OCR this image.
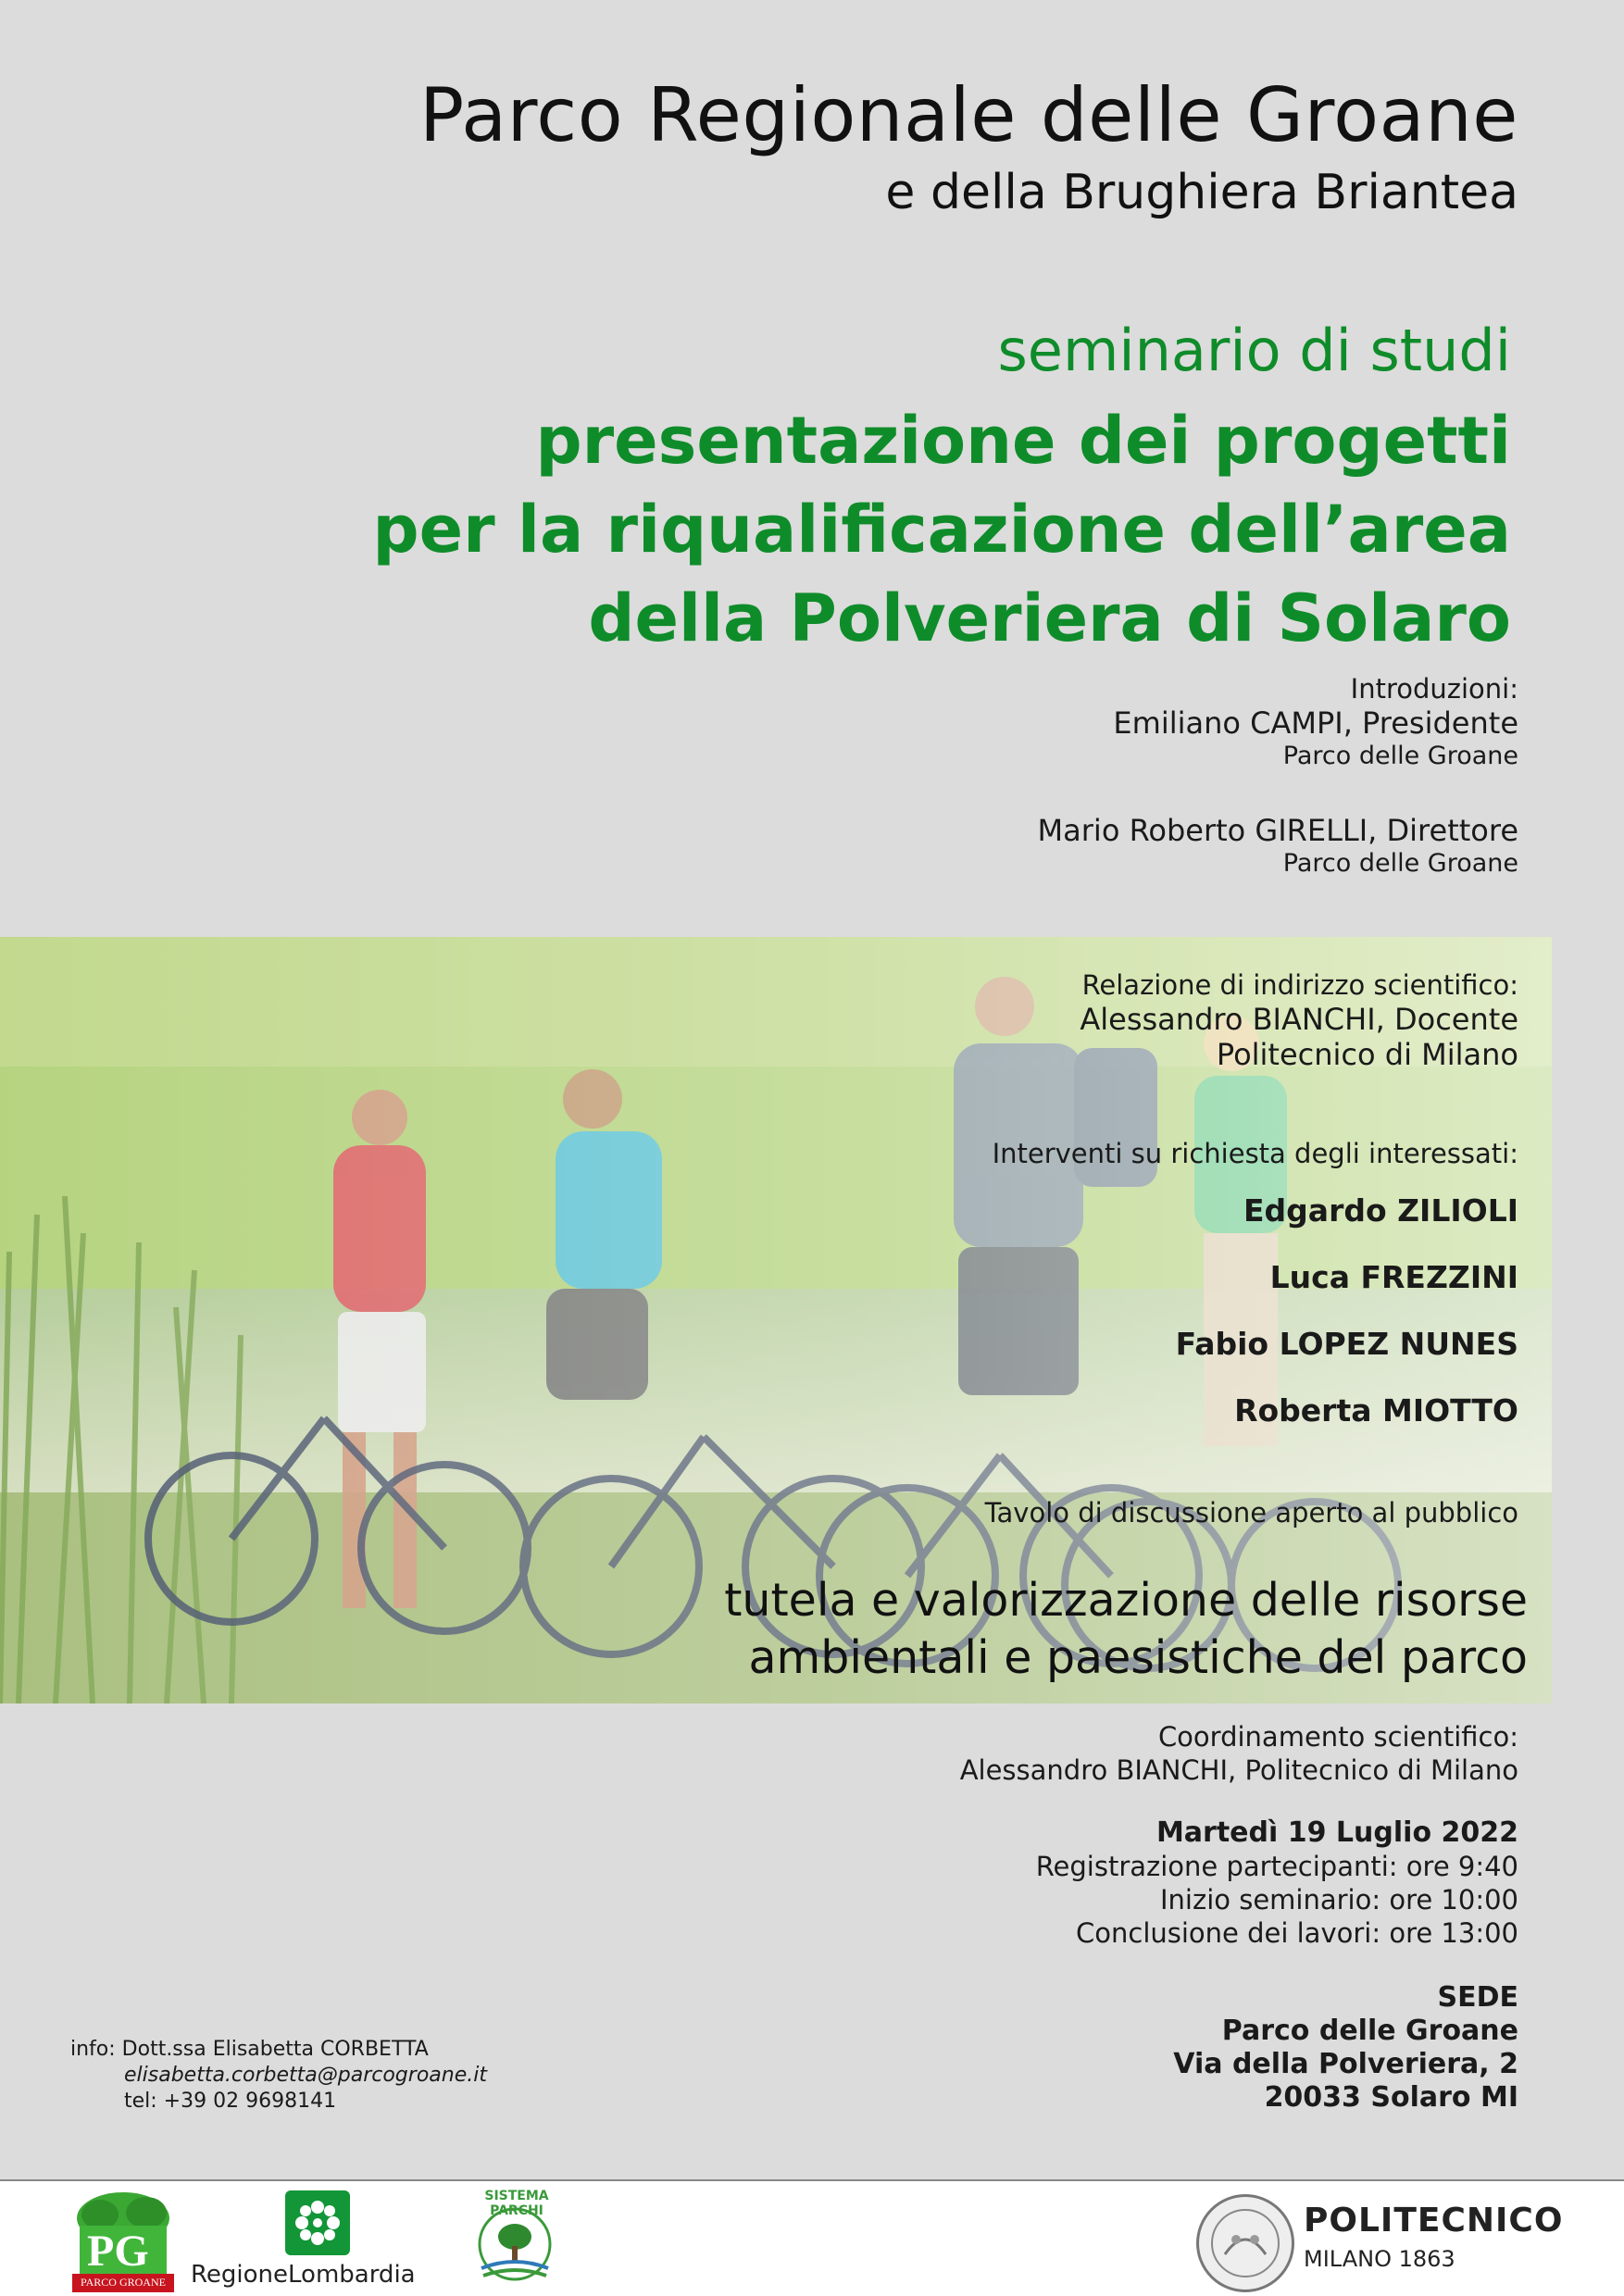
Parco Regionale delle Groane
e della Brughiera Briantea
seminario di studi
presentazione dei progetti
per la riqualificazione dell’area
della Polveriera di Solaro
Introduzioni:
Emiliano CAMPI, Presidente
Parco delle Groane
Mario Roberto GIRELLI, Direttore
Parco delle Groane
Relazione di indirizzo scientifico:
Alessandro BIANCHI, Docente
Politecnico di Milano
Interventi su richiesta degli interessati:
Edgardo ZILIOLI
Luca FREZZINI
Fabio LOPEZ NUNES
Roberta MIOTTO
Tavolo di discussione aperto al pubblico
tutela e valorizzazione delle risorse
ambientali e paesistiche del parco
Coordinamento scientifico:
Alessandro BIANCHI, Politecnico di Milano
Martedì 19 Luglio 2022
Registrazione partecipanti: ore 9:40
Inizio seminario: ore 10:00
Conclusione dei lavori: ore 13:00
SEDE
Parco delle Groane
Via della Polveriera, 2
20033 Solaro MI
info: Dott.ssa Elisabetta CORBETTA
elisabetta.corbetta@parcogroane.it
tel: +39 02 9698141
PG
PARCO GROANE	RegioneLombardia
SISTEMA PARCHI	POLITECNICO
MILANO 1863
